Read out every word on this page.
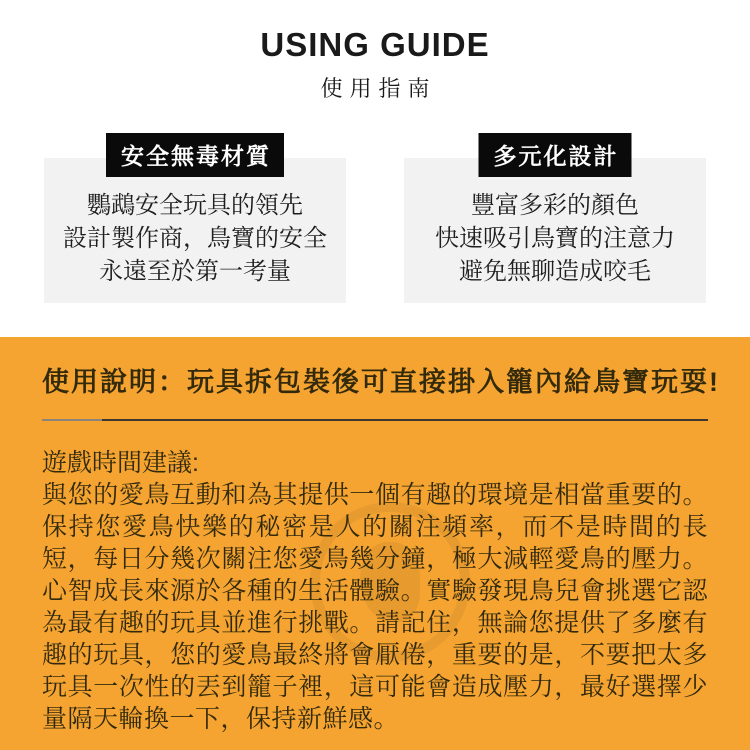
USING GUIDE
使用指南
安全無毒材質
鸚鵡安全玩具的領先
設計製作商，鳥寶的安全
永遠至於第一考量
多元化設計
豐富多彩的顏色
快速吸引鳥寶的注意力
避免無聊造成咬毛
使用說明：玩具拆包裝後可直接掛入籠內給鳥寶玩耍!

遊戲時間建議:

與您的愛鳥互動和為其提供一個有趣的環境是相當重要的。保持您愛鳥快樂的秘密是人的關注頻率，而不是時間的長短，每日分幾次關注您愛鳥幾分鐘，極大減輕愛鳥的壓力。心智成長來源於各種的生活體驗。實驗發現鳥兒會挑選它認為最有趣的玩具並進行挑戰。請記住，無論您提供了多麼有趣的玩具，您的愛鳥最終將會厭倦，重要的是，不要把太多玩具一次性的丟到籠子裡，這可能會造成壓力，最好選擇少量隔天輪換一下，保持新鮮感。
